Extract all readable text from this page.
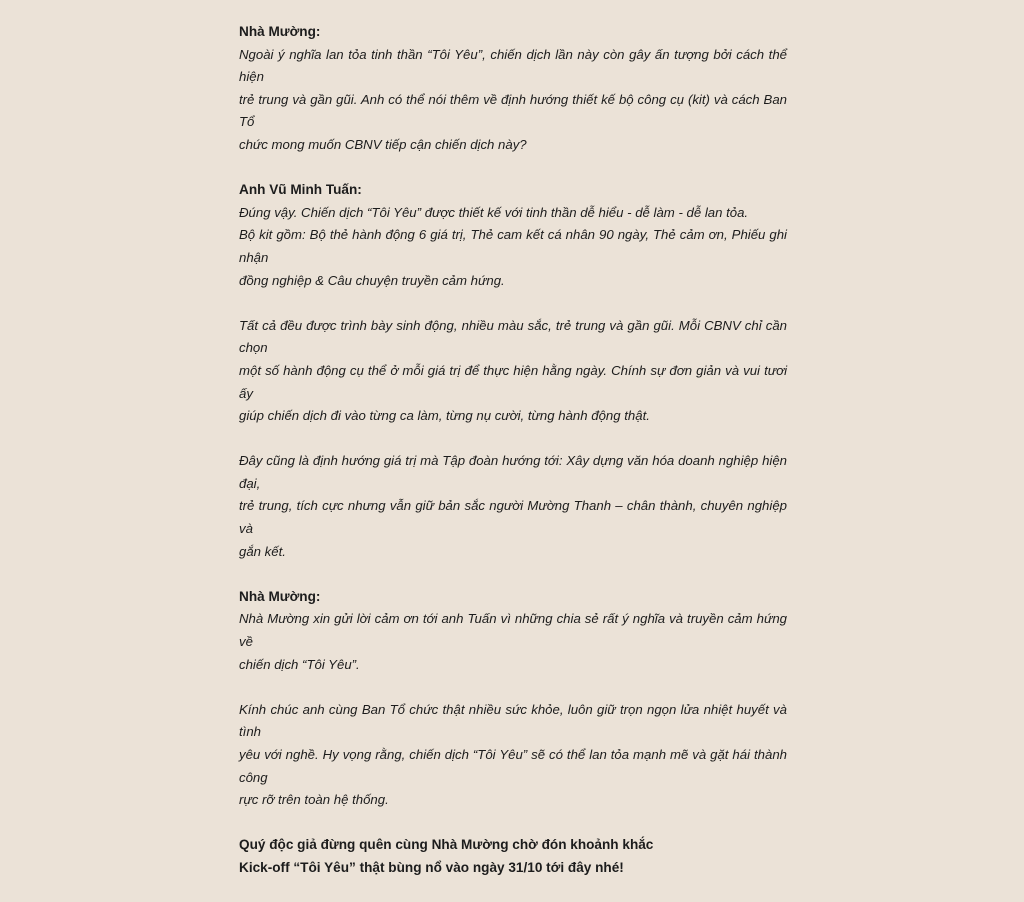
Nhà Mường:

Ngoài ý nghĩa lan tỏa tinh thần “Tôi Yêu”, chiến dịch lần này còn gây ấn tượng bởi cách thể hiện
trẻ trung và gần gũi. Anh có thể nói thêm về định hướng thiết kế bộ công cụ (kit) và cách Ban Tổ
chức mong muốn CBNV tiếp cận chiến dịch này?

Anh Vũ Minh Tuấn:

Đúng vậy. Chiến dịch “Tôi Yêu” được thiết kế với tinh thần dễ hiểu - dễ làm - dễ lan tỏa.
Bộ kit gồm: Bộ thẻ hành động 6 giá trị, Thẻ cam kết cá nhân 90 ngày, Thẻ cảm ơn, Phiếu ghi nhận
đồng nghiệp & Câu chuyện truyền cảm hứng.

Tất cả đều được trình bày sinh động, nhiều màu sắc, trẻ trung và gần gũi. Mỗi CBNV chỉ cần chọn
một số hành động cụ thể ở mỗi giá trị để thực hiện hằng ngày. Chính sự đơn giản và vui tươi ấy
giúp chiến dịch đi vào từng ca làm, từng nụ cười, từng hành động thật.

Đây cũng là định hướng giá trị mà Tập đoàn hướng tới: Xây dựng văn hóa doanh nghiệp hiện đại,
trẻ trung, tích cực nhưng vẫn giữ bản sắc người Mường Thanh – chân thành, chuyên nghiệp và
gắn kết.

Nhà Mường:

Nhà Mường xin gửi lời cảm ơn tới anh Tuấn vì những chia sẻ rất ý nghĩa và truyền cảm hứng về
chiến dịch “Tôi Yêu”.

Kính chúc anh cùng Ban Tổ chức thật nhiều sức khỏe, luôn giữ trọn ngọn lửa nhiệt huyết và tình
yêu với nghề. Hy vọng rằng, chiến dịch “Tôi Yêu” sẽ có thể lan tỏa mạnh mẽ và gặt hái thành công
rực rỡ trên toàn hệ thống.

Quý độc giả đừng quên cùng Nhà Mường chờ đón khoảnh khắc
Kick-off “Tôi Yêu” thật bùng nổ vào ngày 31/10 tới đây nhé!
